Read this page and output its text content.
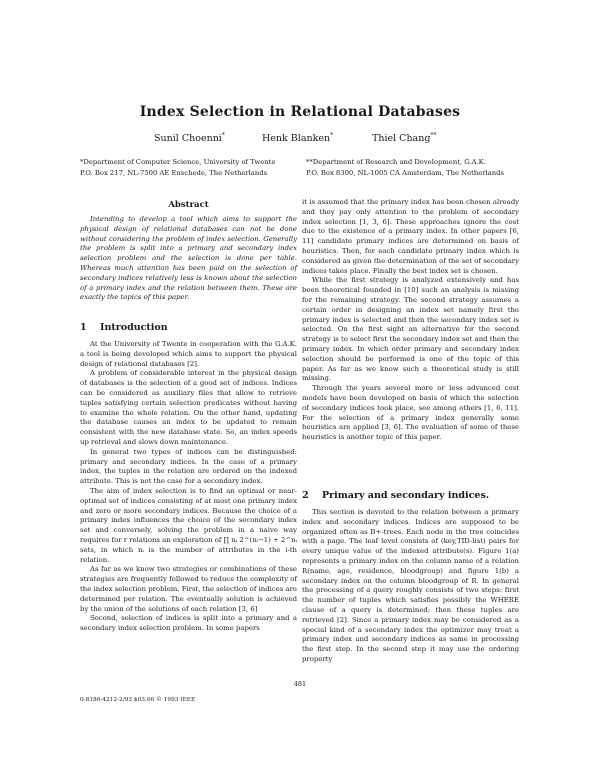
Index Selection in Relational Databases
Sunil Choenni*	Henk Blanken*	Thiel Chang**

*Department of Computer Science, University of Twente

P.O. Box 217, NL-7500 AE Enschede, The Netherlands

**Department of Research and Development, G.A.K.

P.O. Box 8300, NL-1005 CA Amsterdam, The Netherlands

Abstract

Intending to develop a tool which aims to support the physical design of relational databases can not be done without considering the problem of index selection. Generally the problem is split into a primary and secondary index selection problem and the selection is done per table. Whereas much attention has been paid on the selection of secondary indices relatively less is known about the selection of a primary index and the relation between them. These are exactly the topics of this paper.

1 Introduction

At the University of Twente in cooperation with the G.A.K. a tool is being developed which aims to support the physical design of relational databases [2].

A problem of considerable interest in the physical design of databases is the selection of a good set of indices. Indices can be considered as auxiliary files that allow to retrieve tuples satisfying certain selection predicates without having to examine the whole relation. On the other hand, updating the database causes an index to be updated to remain consistent with the new database state. So, an index speeds up retrieval and slows down maintenance.

In general two types of indices can be distinguished: primary and secondary indices. In the case of a primary index, the tuples in the relation are ordered on the indexed attribute. This is not the case for a secondary index.

The aim of index selection is to find an optimal or near-optimal set of indices consisting of at most one primary index and zero or more secondary indices. Because the choice of a primary index influences the choice of the secondary index set and conversely, solving the problem in a naive way requires for r relations an exploration of ∏ nᵢ 2^(nᵢ−1) + 2^nᵢ sets, in which nᵢ is the number of attributes in the i-th relation.

As far as we know two strategies or combinations of these strategies are frequently followed to reduce the complexity of the index selection problem. First, the selection of indices are determined per relation. The eventually solution is achieved by the union of the solutions of each relation [3, 6]

Second, selection of indices is split into a primary and a secondary index selection problem. In some papers

it is assumed that the primary index has been chosen already and they pay only attention to the problem of secondary index selection [1, 3, 6]. These approaches ignore the cost due to the existence of a primary index. In other papers [6, 11] candidate primary indices are determined on basis of heuristics. Then, for each candidate primary index which is considered as given the determination of the set of secondary indices takes place. Finally the best index set is chosen.

While the first strategy is analyzed extensively and has been theoretical founded in [10] such an analysis is missing for the remaining strategy. The second strategy assumes a certain order in designing an index set namely first the primary index is selected and then the secondary index set is selected. On the first sight an alternative for the second strategy is to select first the secondary index set and then the primary index. In which order primary and secondary index selection should be performed is one of the topic of this paper. As far as we know such a theoretical study is still missing.

Through the years several more or less advanced cost models have been developed on basis of which the selection of secondary indices took place, see among others [1, 6, 11]. For the selection of a primary index generally some heuristics are applied [3, 6]. The evaluation of some of these heuristics is another topic of this paper.

2 Primary and secondary indices.

This section is devoted to the relation between a primary index and secondary indices. Indices are supposed to be organized often as B+-trees. Each node in the tree coincides with a page. The leaf level consists of (key,TID-list) pairs for every unique value of the indexed attribute(s). Figure 1(a) represents a primary index on the column name of a relation R(name, age, residence, bloodgroup) and figure 1(b) a secondary index on the column bloodgroup of R. In general the processing of a query roughly consists of two steps: first the number of tuples which satisfies possibly the WHERE clause of a query is determined; then these tuples are retrieved [2]. Since a primary index may be considered as a special kind of a secondary index the optimizer may treat a primary index and secondary indices as same in processing the first step. In the second step it may use the ordering property

481
0-8186-4212-2/93 $03.00 © 1993 IEEE
